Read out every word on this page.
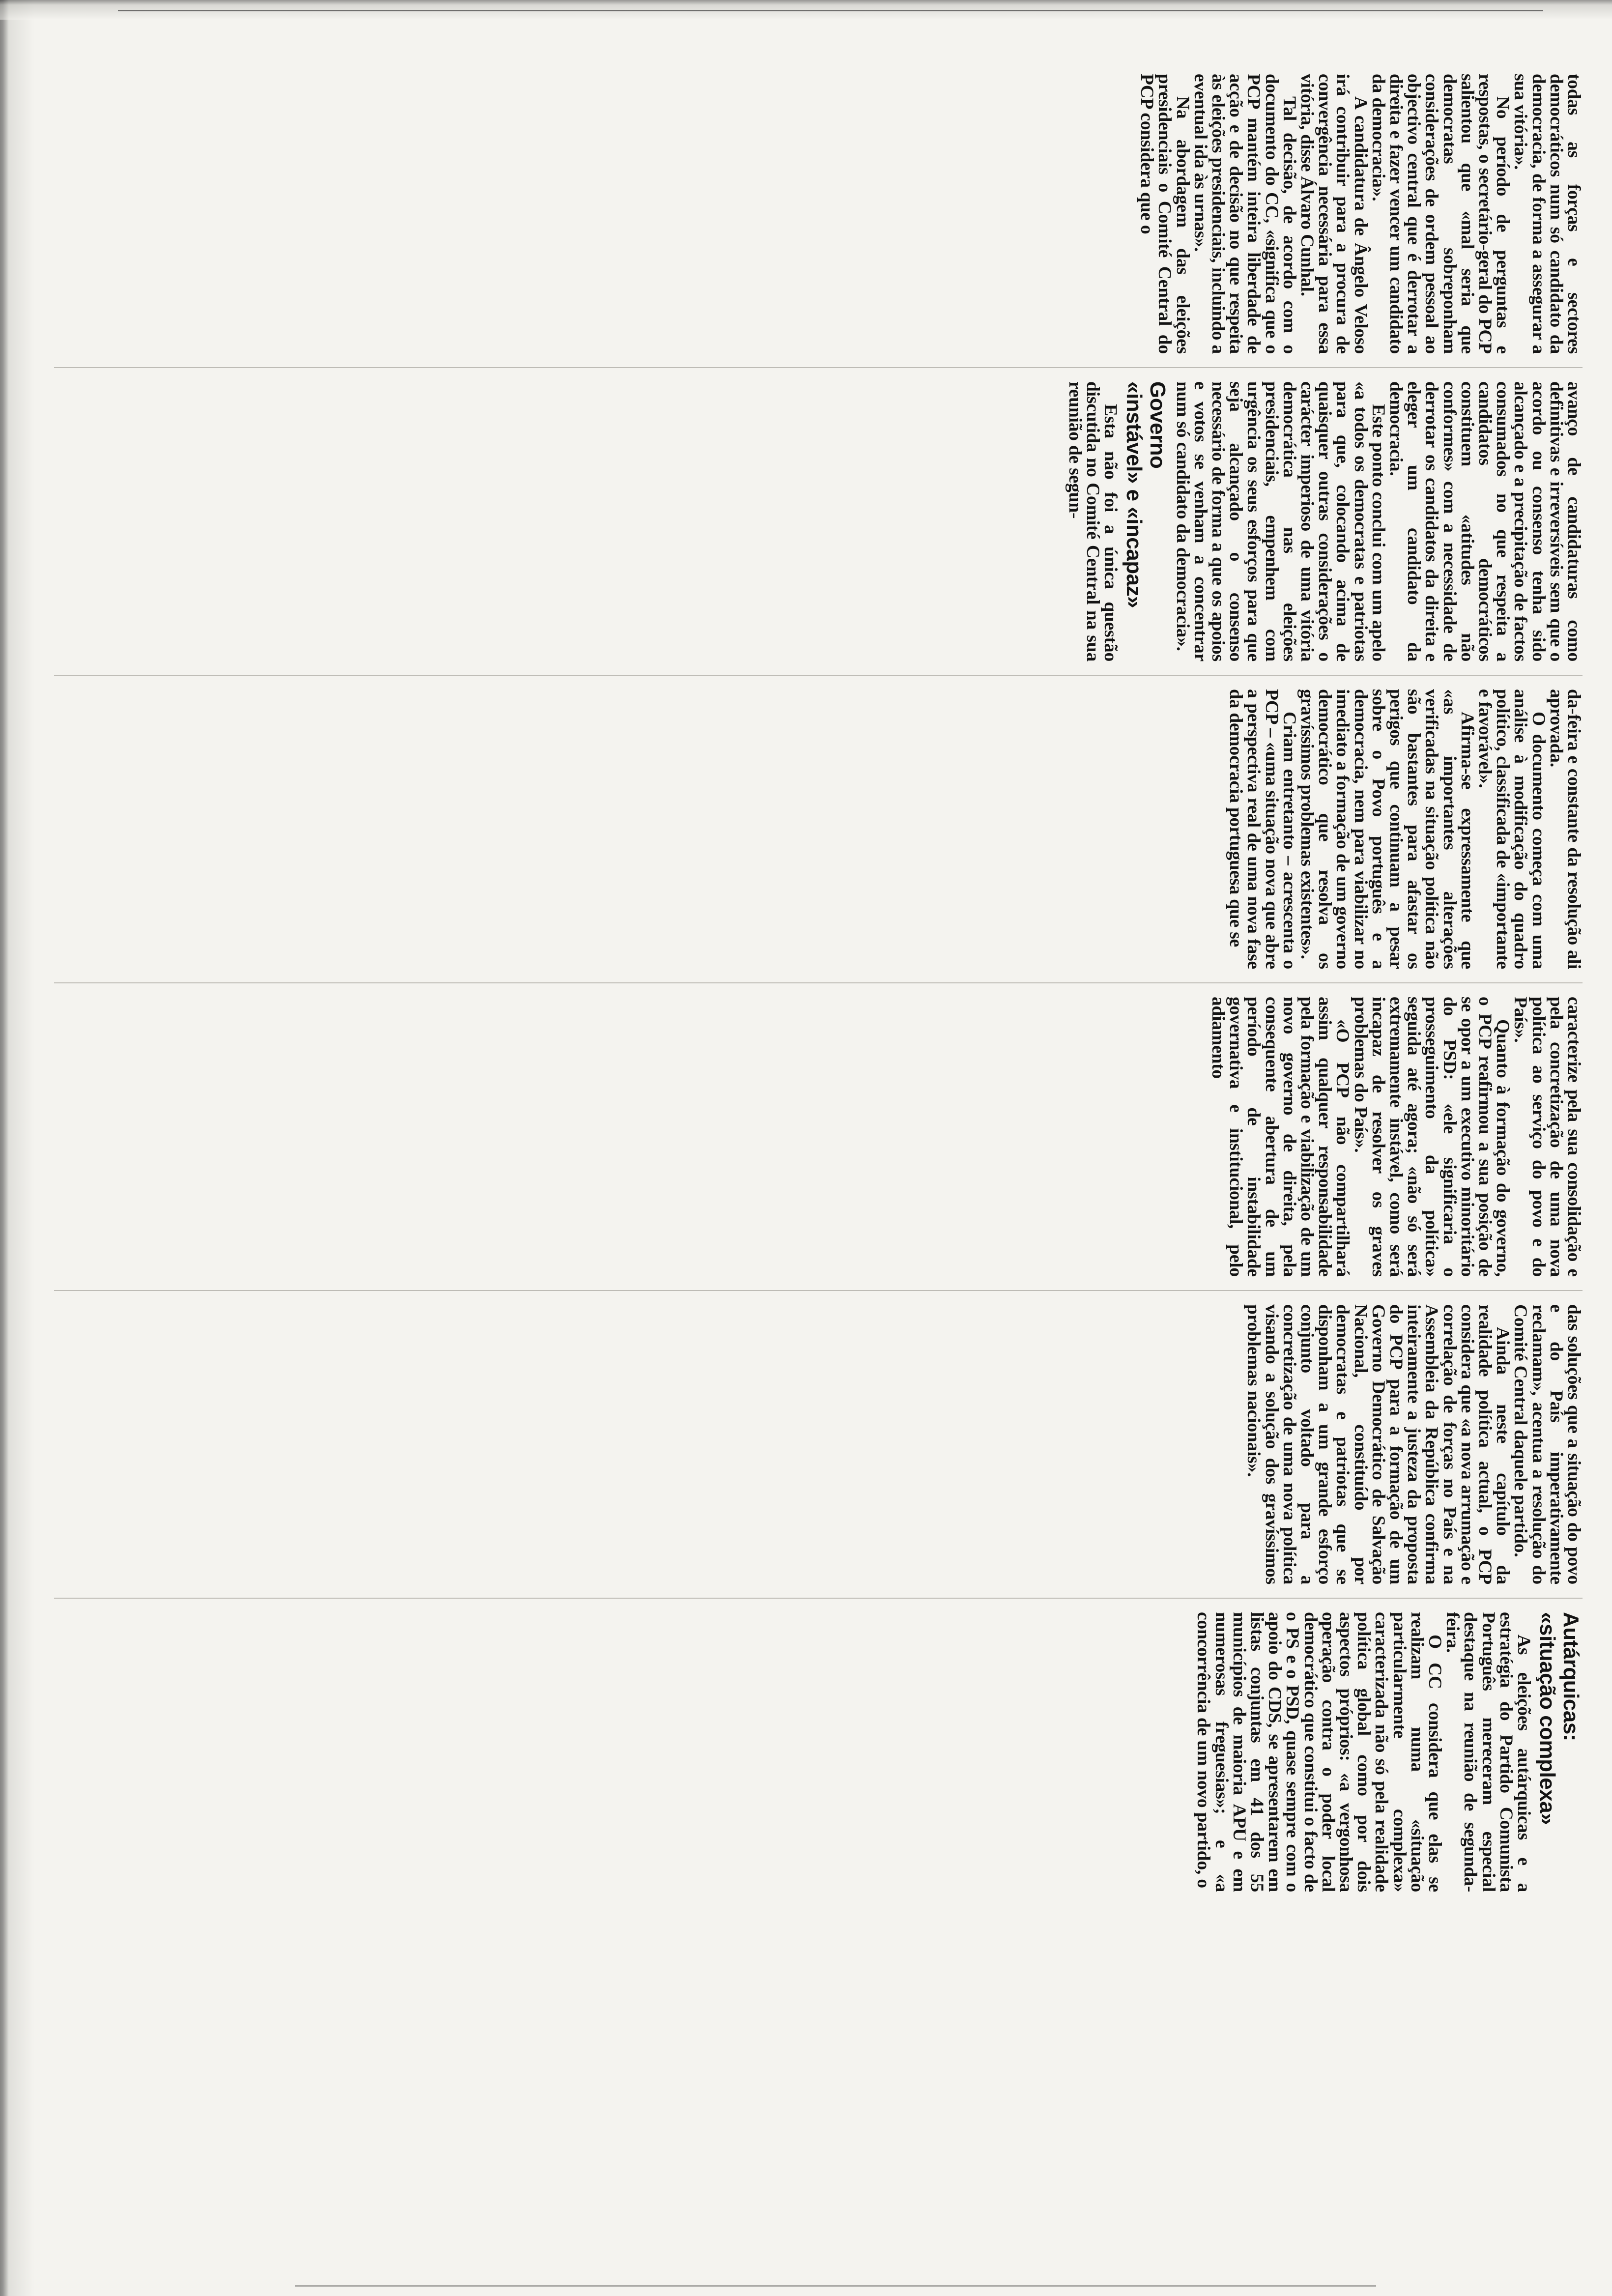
todas as forças e sectores democráticos num só candidato da democracia, de forma a assegurar a sua vitória».

No período de perguntas e respostas, o secretário-geral do PCP salientou que «mal seria que democratas sobreponham considerações de ordem pessoal ao objectivo central que é derrotar a direita e fazer vencer um candidato da democracia».

A candidatura de Ângelo Veloso irá contribuir para a procura de convergência necessária para essa vitória, disse Álvaro Cunhal.

Tal decisão, de acordo com o documento do CC, «significa que o PCP mantém inteira liberdade de acção e de decisão no que respeita às eleições presidenciais, incluindo a eventual ida às urnas».

Na abordagem das eleições presidenciais o Comité Central do PCP considera que o

avanço de candidaturas como definitivas e irreversíveis sem que o acordo ou consenso tenha sido alcançado e a precipitação de factos consumados no que respeita a candidatos democráticos constituem «atitudes não conformes» com a necessidade de derrotar os candidatos da direita e eleger um candidato da democracia.

Este ponto conclui com um apelo «a todos os democratas e patriotas para que, colocando acima de quaisquer outras considerações o carácter imperioso de uma vitória democrática nas eleições presidenciais, empenhem com urgência os seus esforços para que seja alcançado o consenso necessário de forma a que os apoios e votos se venham a concentrar num só candidato da democracia».

Governo
«instável» e «incapaz»

Esta não foi a única questão discutida no Comité Central na sua reunião de segun-

da-feira e constante da resolução ali aprovada.

O documento começa com uma análise à modificação do quadro político, classificada de «importante e favorável».

Afirma-se expressamente que «as importantes alterações verificadas na situação política não são bastantes para afastar os perigos que continuam a pesar sobre o Povo português e a democracia, nem para viabilizar no imediato a formação de um governo democrático que resolva os gravíssimos problemas existentes».

Criam entretanto – acrescenta o PCP – «uma situação nova que abre a perspectiva real de uma nova fase da democracia portuguesa que se

caracterize pela sua consolidação e pela concretização de uma nova política ao serviço do povo e do País».

Quanto à formação do governo, o PCP reafirmou a sua posição de se opor a um executivo minoritário do PSD: «ele significaria o prosseguimento da política» seguida até agora; «não só será extremamente instável, como será incapaz de resolver os graves problemas do País».

«O PCP não compartilhará assim qualquer responsabilidade pela formação e viabilização de um novo governo de direita, pela consequente abertura de um período de instabilidade governativa e institucional, pelo adiamento

das soluções que a situação do povo e do País imperativamente reclamam», acentua a resolução do Comité Central daquele partido.

Ainda neste capítulo da realidade política actual, o PCP considera que «a nova arrumação e correlação de forças no País e na Assembleia da República confirma inteiramente a justeza da proposta do PCP para a formação de um Governo Democrático de Salvação Nacional, constituído por democratas e patriotas que se disponham a um grande esforço conjunto voltado para a concretização de uma nova política visando a solução dos gravíssimos problemas nacionais».

Autárquicas:
«situação complexa»

As eleições autárquicas e a estratégia do Partido Comunista Português mereceram especial destaque na reunião de segunda-feira.

O CC considera que elas se realizam numa «situação particularmente complexa» caracterizada não só pela realidade política global como por dois aspectos próprios: «a vergonhosa operação contra o poder local democrático que constitui o facto de o PS e o PSD, quase sempre com o apoio do CDS, se apresentarem em listas conjuntas em 41 dos 55 municípios de maioria APU e em numerosas freguesias»; e «a concorrência de um novo partido, o
